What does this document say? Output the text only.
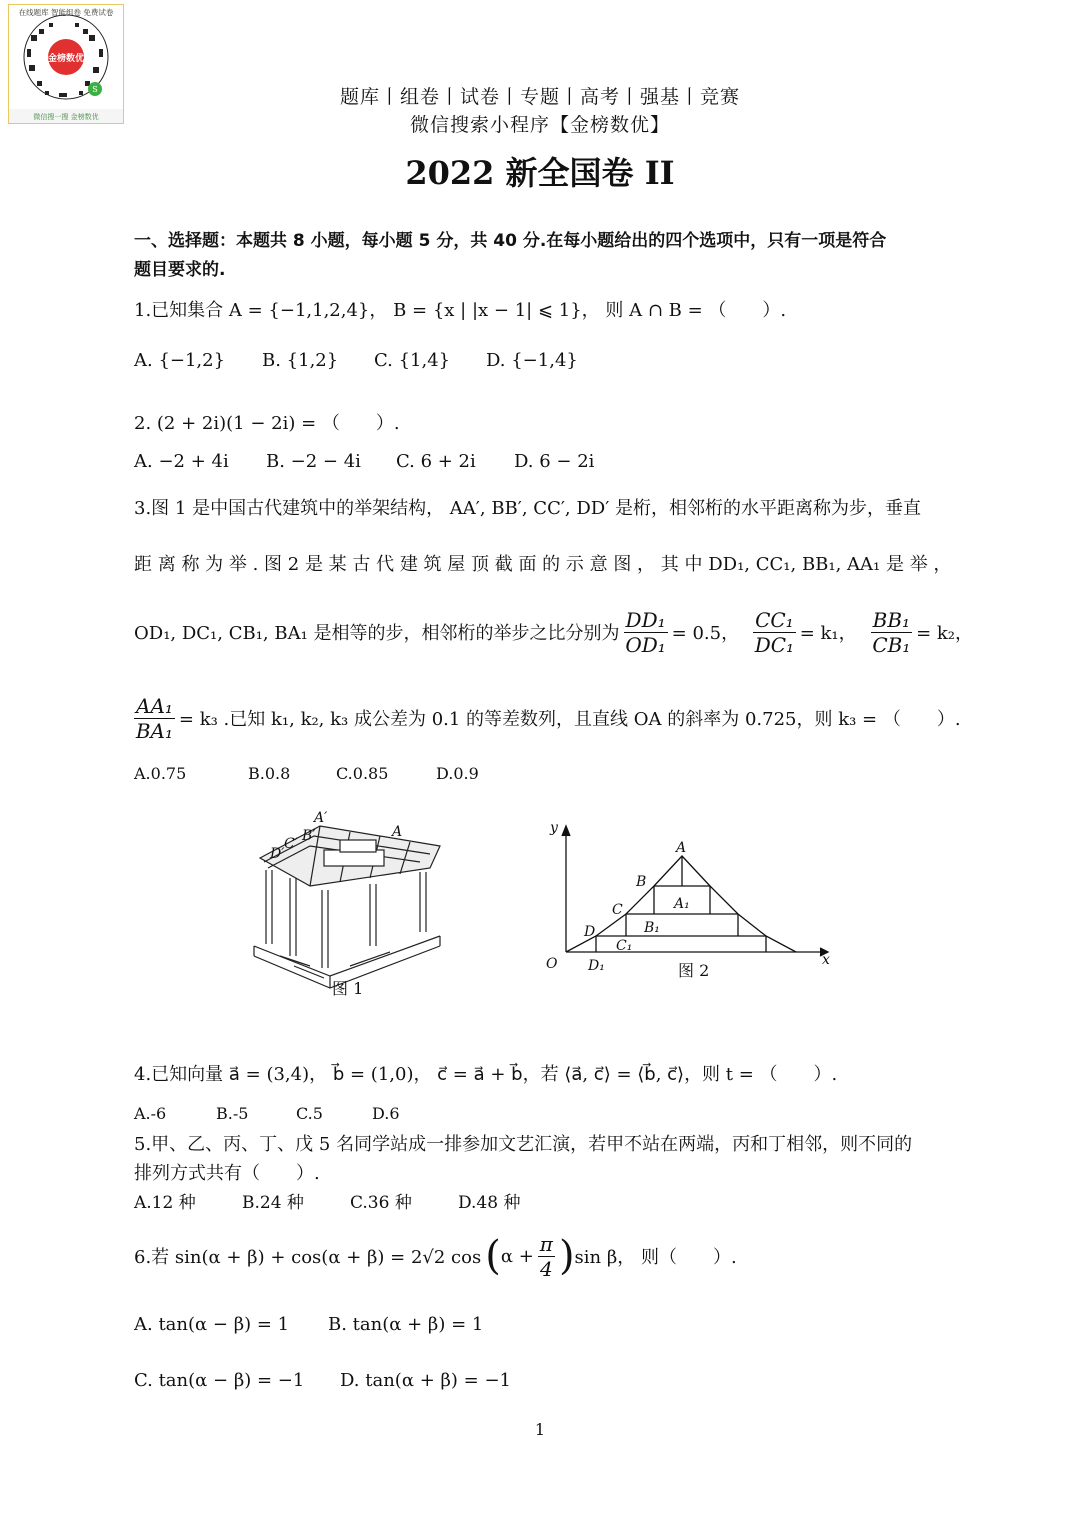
S
在线题库 智能组卷 免费试卷
金榜数优
微信搜一搜 金榜数优
题库丨组卷丨试卷丨专题丨高考丨强基丨竞赛
微信搜索小程序【金榜数优】
2022 新全国卷 II
一、选择题：本题共 8 小题，每小题 5 分，共 40 分.在每小题给出的四个选项中，只有一项是符合
题目要求的.
1.已知集合 A = {−1,1,2,4}， B = {x | |x − 1| ⩽ 1}， 则 A ∩ B = （　　）.
A. {−1,2} B. {1,2} C. {1,4} D. {−1,4}
2. (2 + 2i)(1 − 2i) = （　　）.
A. −2 + 4i B. −2 − 4i C. 6 + 2i D. 6 − 2i
3.图 1 是中国古代建筑中的举架结构， AA′, BB′, CC′, DD′ 是桁，相邻桁的水平距离称为步，垂直
距 离 称 为 举 . 图 2 是 某 古 代 建 筑 屋 顶 截 面 的 示 意 图 ， 其 中 DD₁, CC₁, BB₁, AA₁ 是 举 ，
OD₁, DC₁, CB₁, BA₁ 是相等的步，相邻桁的举步之比分别为 $\frac{\text{DD₁}}{\text{OD₁}} = 0.5$， $\frac{\text{CC₁}}{\text{DC₁}} = k_1$， $\frac{\text{BB₁}}{\text{CB₁}} = k_2$，
$\frac{\text{AA₁}}{\text{BA₁}} = k_3$ .已知 k₁, k₂, k₃ 成公差为 0.1 的等差数列，且直线 OA 的斜率为 0.725，则 k₃ = （　　）.
A.0.75	B.0.8	C.0.85	D.0.9
A′
C′ B′
D′
A
图 1
y
x
O
A
B
C
D
A₁
B₁
C₁
D₁	图 2
4.已知向量 a⃗ = (3,4)， b⃗ = (1,0)， c⃗ = a⃗ + b⃗，若 ⟨a⃗, c⃗⟩ = ⟨b⃗, c⃗⟩，则 t = （　　）.
A.-6	B.-5	C.5	D.6
5.甲、乙、丙、丁、戊 5 名同学站成一排参加文艺汇演，若甲不站在两端，丙和丁相邻，则不同的
排列方式共有（　　）.
A.12 种	B.24 种	C.36 种	D.48 种
6.若 sin(α + β) + cos(α + β) = 2√2 cos ( $\alpha + \frac{\pi}{4}$ ) sin β， 则（　　）.
A. tan(α − β) = 1 B. tan(α + β) = 1
C. tan(α − β) = −1 D. tan(α + β) = −1
1
